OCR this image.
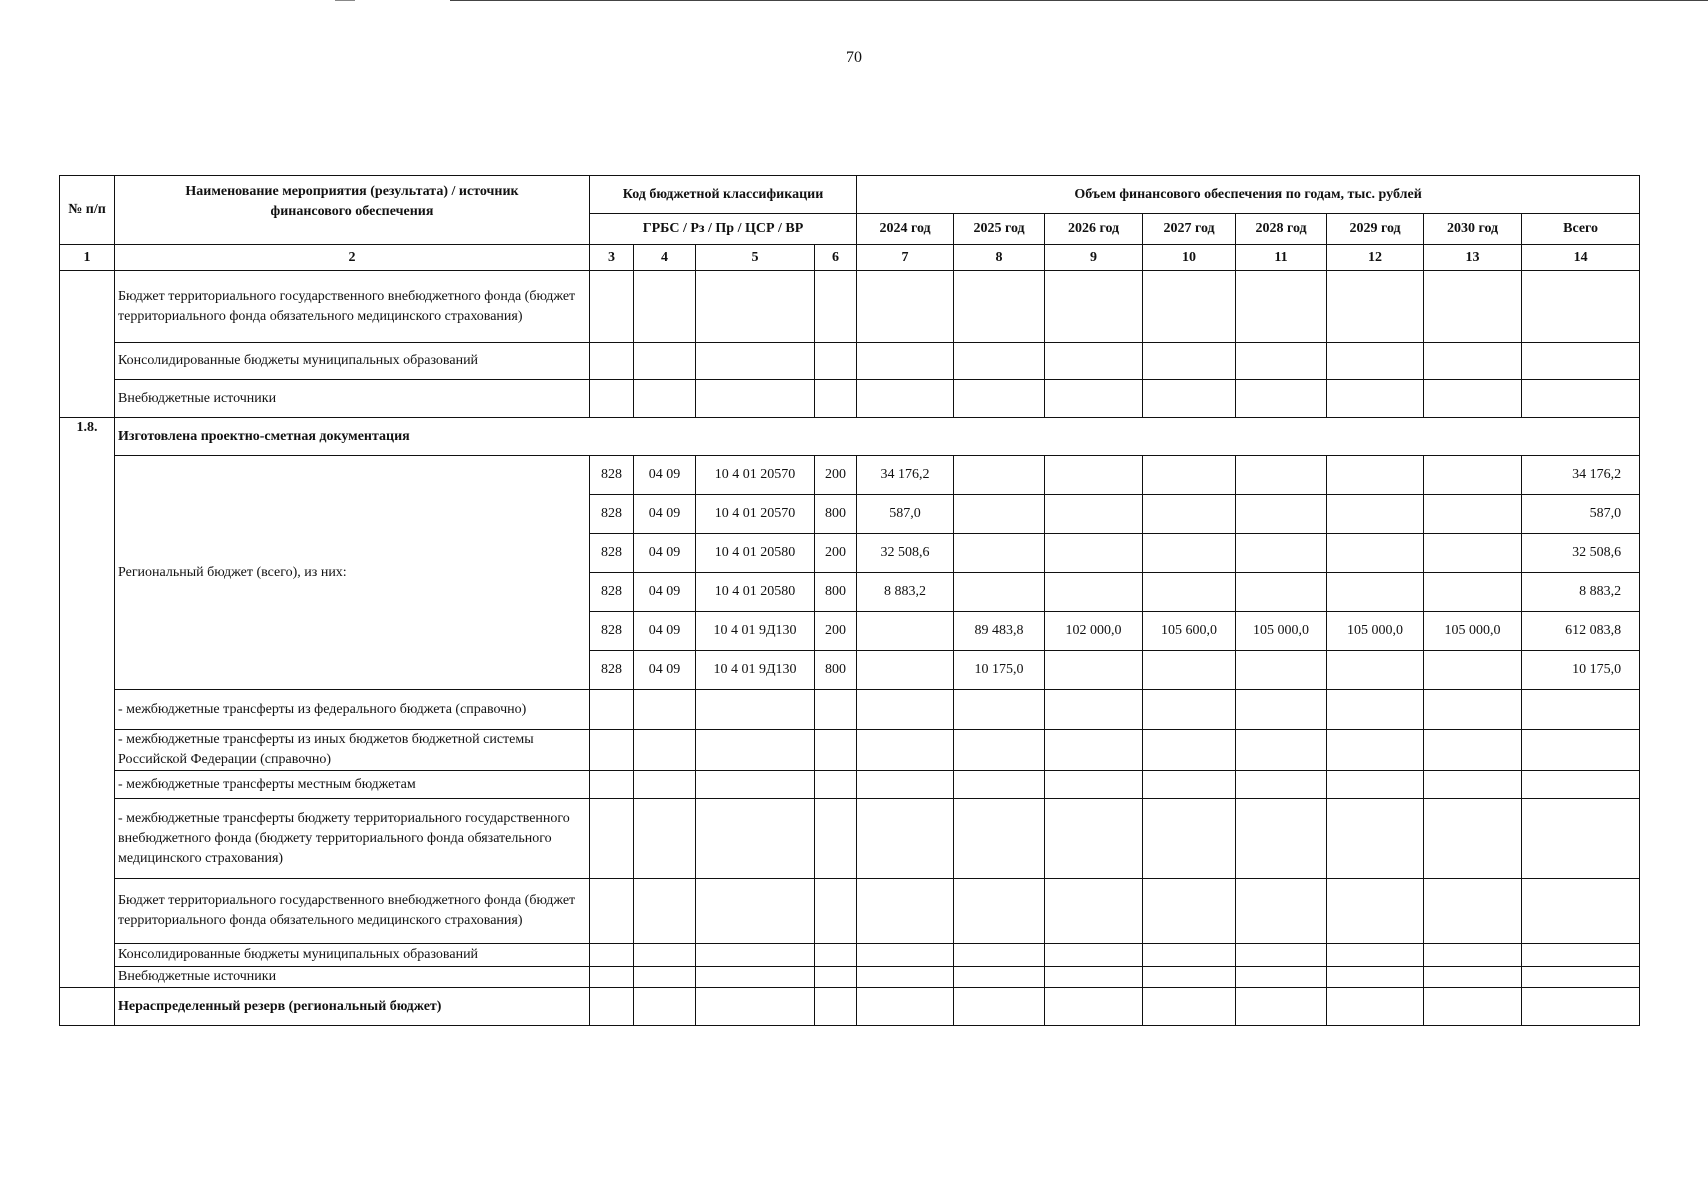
70
№ п/п	Наименование мероприятия (результата) / источник финансового обеспечения	Код бюджетной классификации				Объем финансового обеспечения по годам, тыс. рублей							
		ГРБС / Рз / Пр / ЦСР / ВР				2024 год	2025 год	2026 год	2027 год	2028 год	2029 год	2030 год	Всего
1	2	3	4	5	6	7	8	9	10	11	12	13	14
	Бюджет территориального государственного внебюджетного фонда (бюджет территориального фонда обязательного медицинского страхования)												
	Консолидированные бюджеты муниципальных образований												
	Внебюджетные источники												
1.8.	Изготовлена проектно-сметная документация												
	Региональный бюджет (всего), из них:	828	04 09	10 4 01 20570	200	34 176,2							34 176,2
		828	04 09	10 4 01 20570	800	587,0							587,0
		828	04 09	10 4 01 20580	200	32 508,6							32 508,6
		828	04 09	10 4 01 20580	800	8 883,2							8 883,2
		828	04 09	10 4 01 9Д130	200		89 483,8	102 000,0	105 600,0	105 000,0	105 000,0	105 000,0	612 083,8
		828	04 09	10 4 01 9Д130	800		10 175,0						10 175,0
	- межбюджетные трансферты из федерального бюджета (справочно)												
	- межбюджетные трансферты из иных бюджетов бюджетной системы Российской Федерации (справочно)												
	- межбюджетные трансферты местным бюджетам												
	- межбюджетные трансферты бюджету территориального государственного внебюджетного фонда (бюджету территориального фонда обязательного медицинского страхования)												
	Бюджет территориального государственного внебюджетного фонда (бюджет территориального фонда обязательного медицинского страхования)												
	Консолидированные бюджеты муниципальных образований												
	Внебюджетные источники												
	Нераспределенный резерв (региональный бюджет)												
